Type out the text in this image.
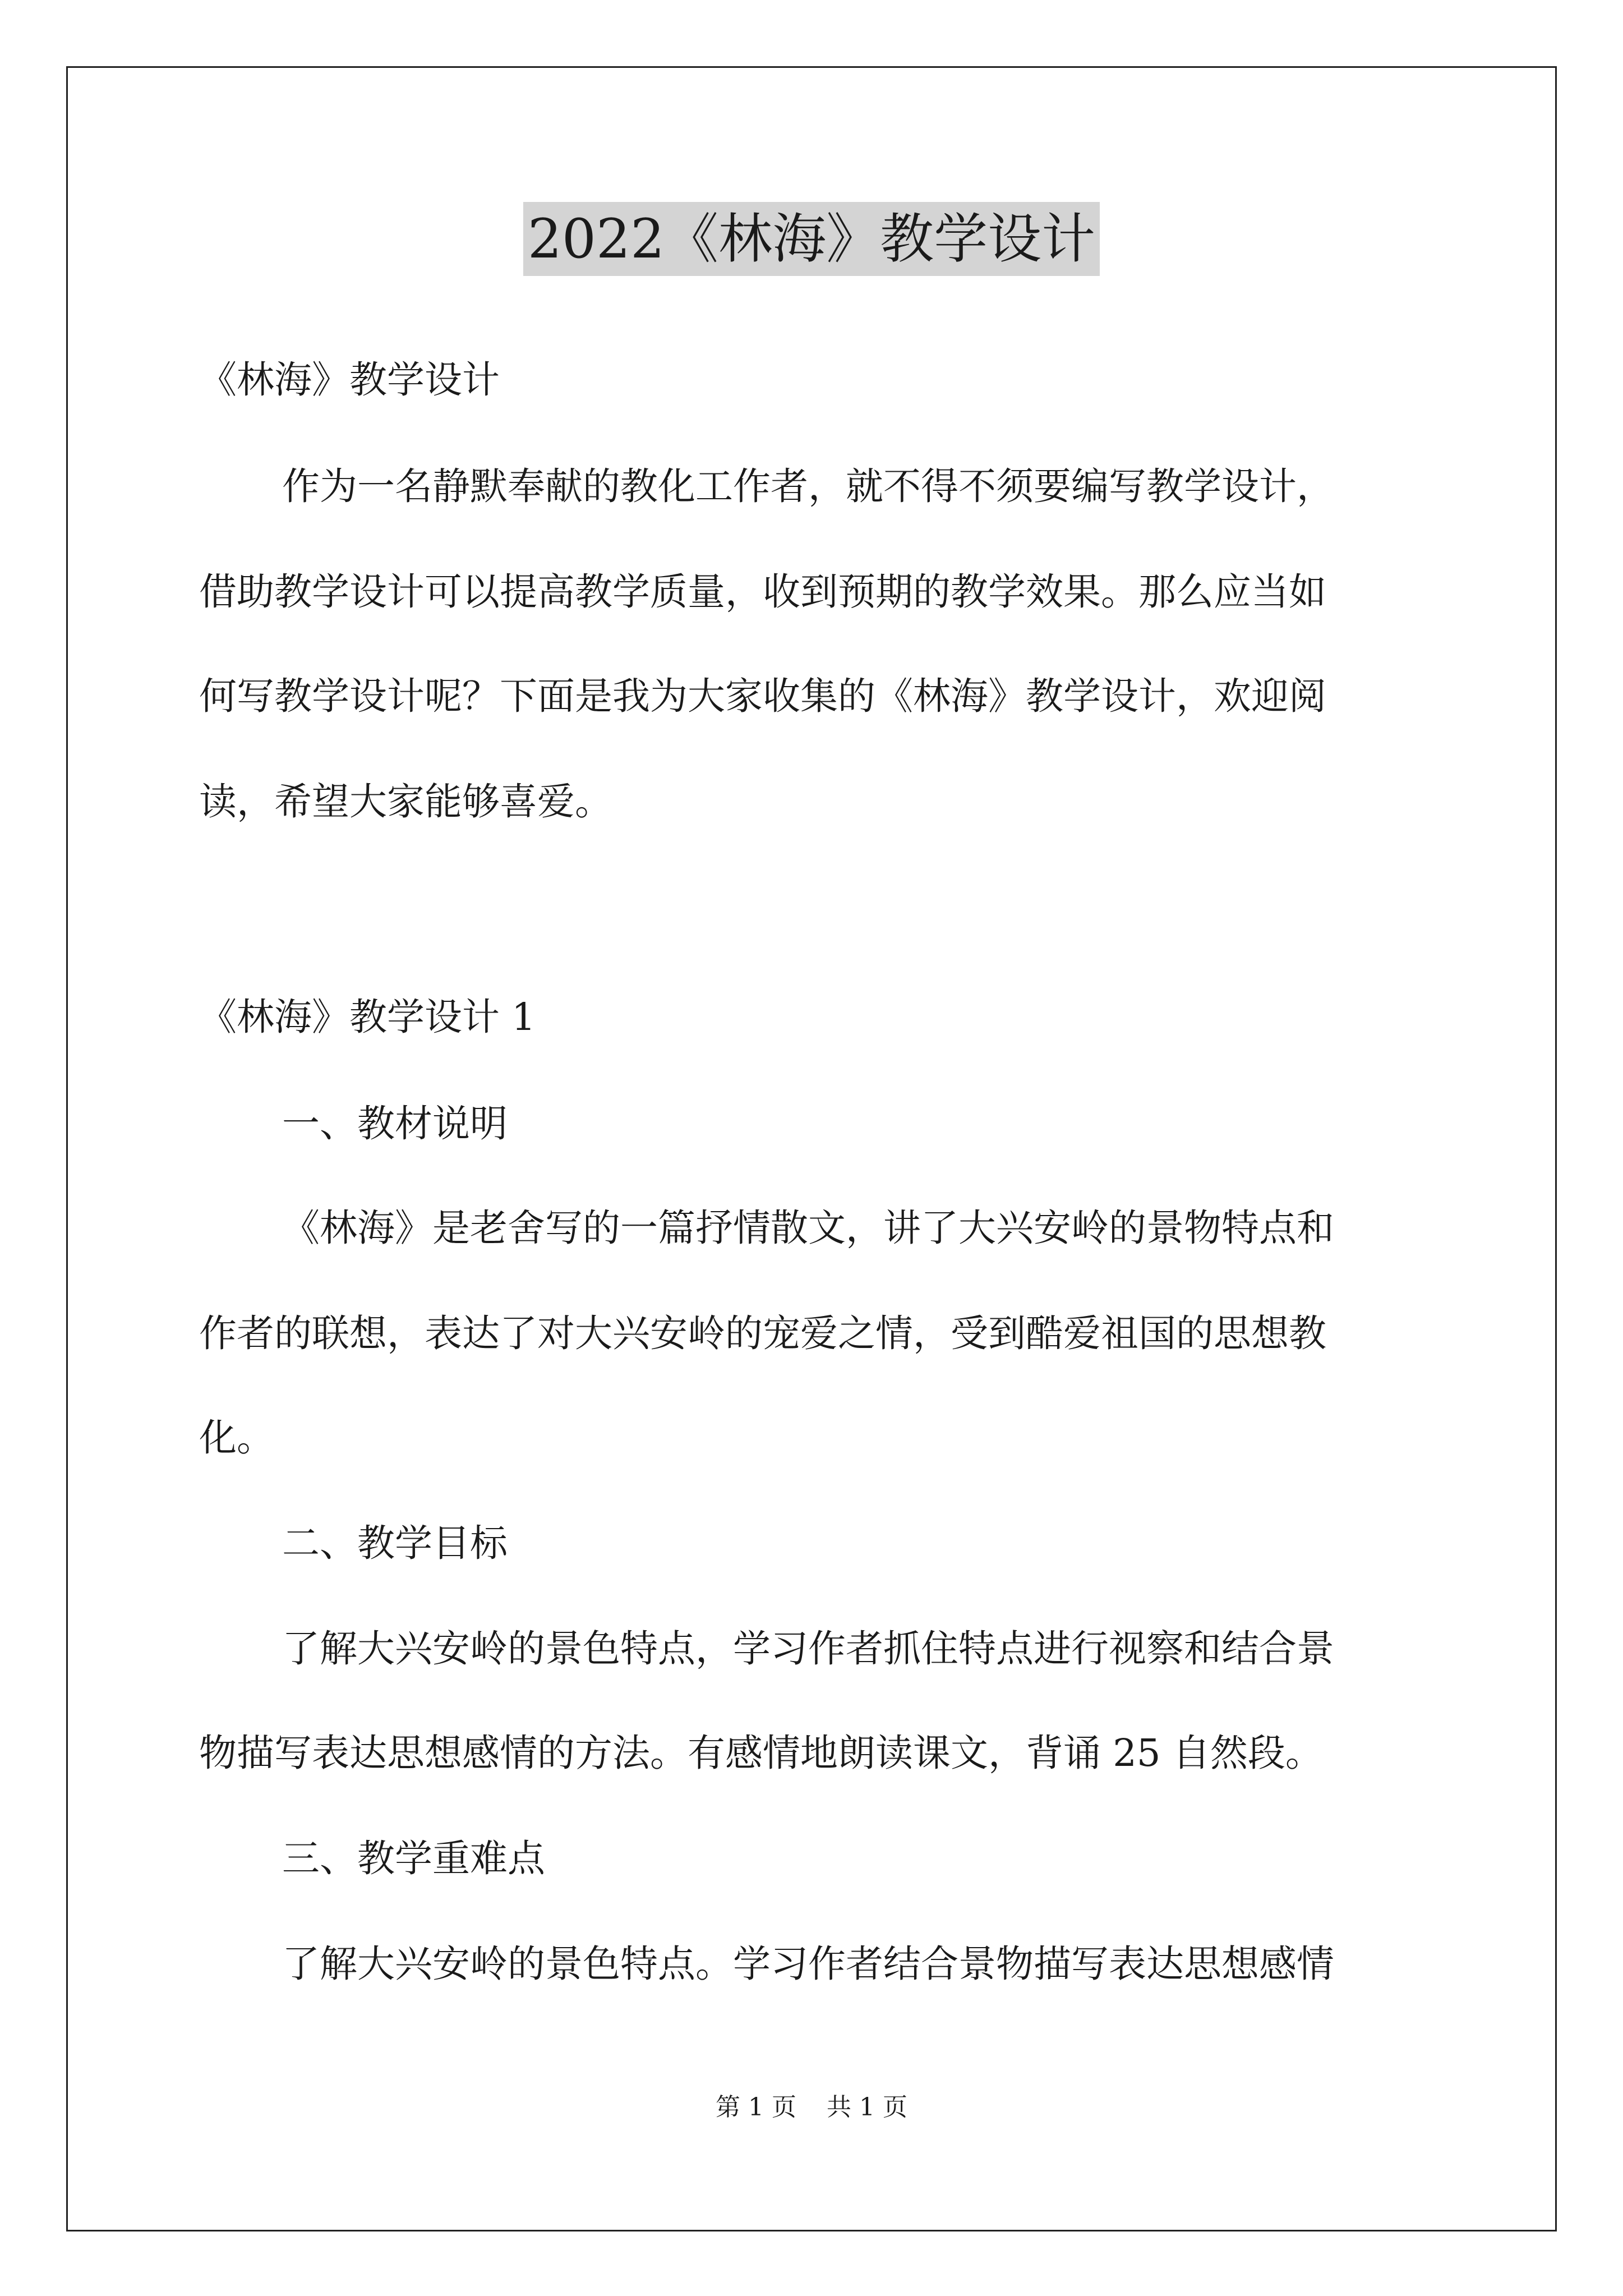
2022《林海》教学设计
《林海》教学设计
作为一名静默奉献的教化工作者，就不得不须要编写教学设计，
借助教学设计可以提高教学质量，收到预期的教学效果。那么应当如
何写教学设计呢？下面是我为大家收集的《林海》教学设计，欢迎阅
读，希望大家能够喜爱。
《林海》教学设计 1
一、教材说明
《林海》是老舍写的一篇抒情散文，讲了大兴安岭的景物特点和
作者的联想，表达了对大兴安岭的宠爱之情，受到酷爱祖国的思想教
化。
二、教学目标
了解大兴安岭的景色特点，学习作者抓住特点进行视察和结合景
物描写表达思想感情的方法。有感情地朗读课文，背诵 25 自然段。
三、教学重难点
了解大兴安岭的景色特点。学习作者结合景物描写表达思想感情
第 1 页 共 1 页
